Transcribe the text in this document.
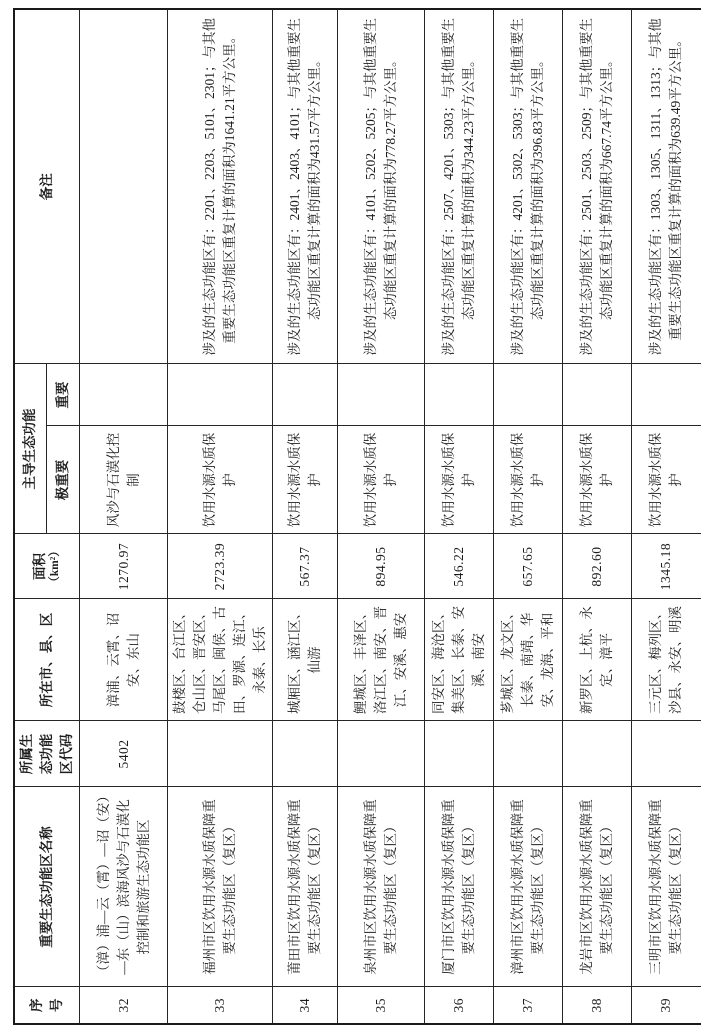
序号	重要生态功能区名称	所属生态功能区代码	所在市、县、区	面积 （km²）	主导生态功能		备注
					极重要	重要	
32	（漳）浦—云（霄）—诏（安）—东（山）滨海风沙与石漠化控制和旅游生态功能区	5402	漳浦、云霄、诏安、东山	1270.97	风沙与石漠化控制		
33	福州市区饮用水源水质保障重要生态功能区（复区）		鼓楼区、台江区、仓山区、晋安区、马尾区、闽侯、古田、罗源、连江、永泰、长乐	2723.39	饮用水源水质保护		涉及的生态功能区有：2201、2203、5101、2301；与其他重要生态功能区重复计算的面积为1641.21平方公里。
34	莆田市区饮用水源水质保障重要生态功能区（复区）		城厢区、涵江区、仙游	567.37	饮用水源水质保护		涉及的生态功能区有：2401、2403、4101；与其他重要生态功能区重复计算的面积为431.57平方公里。
35	泉州市区饮用水源水质保障重要生态功能区（复区）		鲤城区、丰泽区、洛江区、南安、晋江、安溪、惠安	894.95	饮用水源水质保护		涉及的生态功能区有：4101、5202、5205；与其他重要生态功能区重复计算的面积为778.27平方公里。
36	厦门市区饮用水源水质保障重要生态功能区（复区）		同安区、海沧区、集美区、长泰、安溪、南安	546.22	饮用水源水质保护		涉及的生态功能区有：2507、4201、5303；与其他重要生态功能区重复计算的面积为344.23平方公里。
37	漳州市区饮用水源水质保障重要生态功能区（复区）		芗城区、龙文区、长泰、南靖、华安、龙海、平和	657.65	饮用水源水质保护		涉及的生态功能区有：4201、5302、5303；与其他重要生态功能区重复计算的面积为396.83平方公里。
38	龙岩市区饮用水源水质保障重要生态功能区（复区）		新罗区、上杭、永定、漳平	892.60	饮用水源水质保护		涉及的生态功能区有：2501、2503、2509；与其他重要生态功能区重复计算的面积为667.74平方公里。
39	三明市区饮用水源水质保障重要生态功能区（复区）		三元区、梅列区、沙县、永安、明溪	1345.18	饮用水源水质保护		涉及的生态功能区有：1303、1305、1311、1313；与其他重要生态功能区重复计算的面积为639.49平方公里。
